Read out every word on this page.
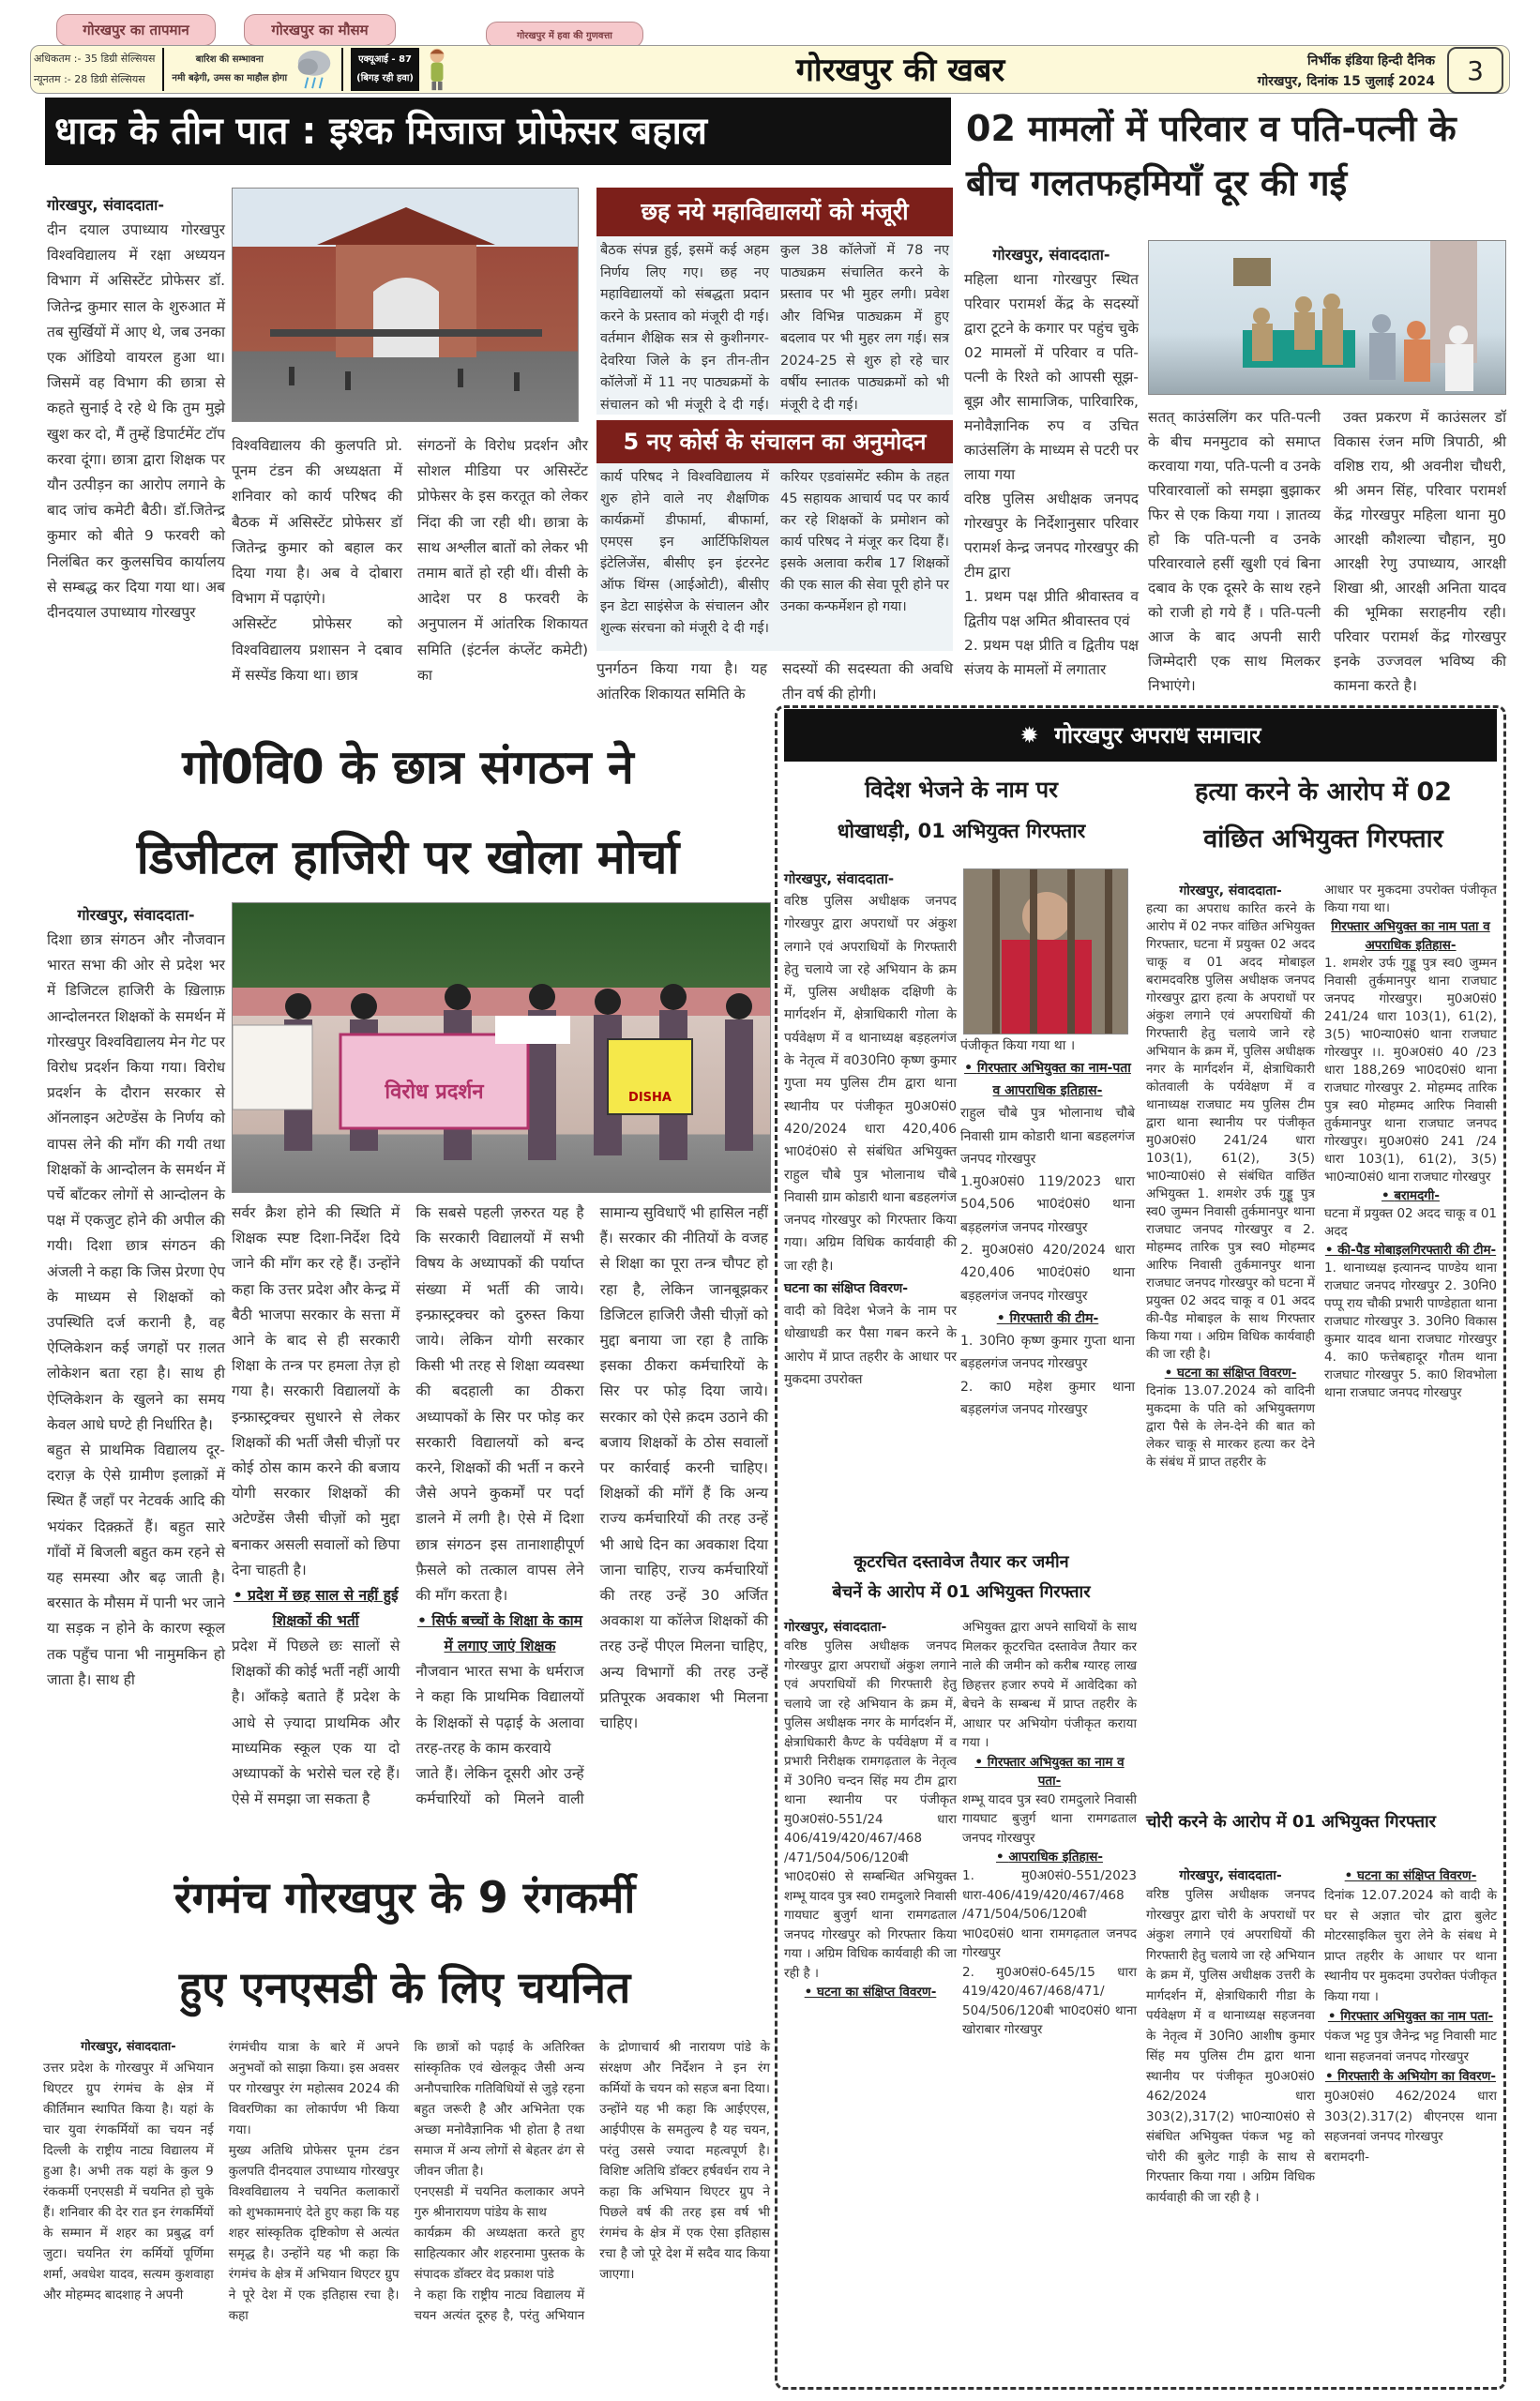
गोरखपुर का तापमान	गोरखपुर का मौसम	गोरखपुर में हवा की गुणवत्ता
अधिकतम :- 35 डिग्री सेल्सियस
न्यूनतम :- 28 डिग्री सेल्सियस
बारिश की सम्भावना
नमी बढ़ेगी, उमस का माहौल होगा
एक्यूआई - 87
(बिगड़ रही हवा)	गोरखपुर की खबर	निर्भीक इंडिया हिन्दी दैनिक
गोरखपुर, दिनांक 15 जुलाई 2024	3
धाक के तीन पात : इश्क मिजाज प्रोफेसर बहाल
गोरखपुर, संवाददाता-

दीन दयाल उपाध्याय गोरखपुर विश्वविद्यालय में रक्षा अध्ययन विभाग में असिस्टेंट प्रोफेसर डॉ. जितेन्द्र कुमार साल के शुरुआत में तब सुर्खियों में आए थे, जब उनका एक ऑडियो वायरल हुआ था। जिसमें वह विभाग की छात्रा से कहते सुनाई दे रहे थे कि तुम मुझे खुश कर दो, मैं तुम्हें डिपार्टमेंट टॉप करवा दूंगा। छात्रा द्वारा शिक्षक पर यौन उत्पीड़न का आरोप लगाने के बाद जांच कमेटी बैठी। डॉ.जितेन्द्र कुमार को बीते 9 फरवरी को निलंबित कर कुलसचिव कार्यालय से सम्बद्ध कर दिया गया था। अब दीनदयाल उपाध्याय गोरखपुर

विश्वविद्यालय की कुलपति प्रो. पूनम टंडन की अध्यक्षता में शनिवार को कार्य परिषद की बैठक में असिस्टेंट प्रोफेसर डॉ जितेन्द्र कुमार को बहाल कर दिया गया है। अब वे दोबारा विभाग में पढ़ाएंगे।

असिस्टेंट प्रोफेसर को विश्वविद्यालय प्रशासन ने दबाव में सस्पेंड किया था। छात्र

संगठनों के विरोध प्रदर्शन और सोशल मीडिया पर असिस्टेंट प्रोफेसर के इस करतूत को लेकर निंदा की जा रही थी। छात्रा के साथ अश्लील बातों को लेकर भी तमाम बातें हो रही थीं। वीसी के आदेश पर 8 फरवरी के अनुपालन में आंतरिक शिकायत समिति (इंटर्नल कंप्लेंट कमेटी) का	पुनर्गठन किया गया है। यह आंतरिक शिकायत समिति के

सदस्यों की सदस्यता की अवधि तीन वर्ष की होगी।

छह नये महाविद्यालयों को मंजूरी

बैठक संपन्न हुई, इसमें कई अहम निर्णय लिए गए। छह नए महाविद्यालयों को संबद्धता प्रदान करने के प्रस्ताव को मंजूरी दी गई। वर्तमान शैक्षिक सत्र से कुशीनगर-देवरिया जिले के इन तीन-तीन कॉलेजों में 11 नए पाठ्यक्रमों के संचालन को भी मंजूरी दे दी गई। कुल 38 कॉलेजों में 78 नए पाठ्यक्रम संचालित करने के प्रस्ताव पर भी मुहर लगी। प्रवेश और विभिन्न पाठ्यक्रम में हुए बदलाव पर भी मुहर लग गई। सत्र 2024-25 से शुरु हो रहे चार वर्षीय स्नातक पाठ्यक्रमों को भी मंजूरी दे दी गई।

5 नए कोर्स के संचालन का अनुमोदन

कार्य परिषद ने विश्वविद्यालय में शुरु होने वाले नए शैक्षणिक कार्यक्रमों डीफार्मा, बीफार्मा, एमएस इन आर्टिफिशियल इंटेलिजेंस, बीसीए इन इंटरनेट ऑफ थिंग्स (आईओटी), बीसीए इन डेटा साइंसेज के संचालन और शुल्क संरचना को मंजूरी दे दी गई। करियर एडवांसमेंट स्कीम के तहत 45 सहायक आचार्य पद पर कार्य कर रहे शिक्षकों के प्रमोशन को कार्य परिषद ने मंजूर कर दिया हैं। इसके अलावा करीब 17 शिक्षकों की एक साल की सेवा पूरी होने पर उनका कन्फर्मेशन हो गया।

02 मामलों में परिवार व पति-पत्नी के बीच गलतफहमियाँ दूर की गई
गोरखपुर, संवाददाता-

महिला थाना गोरखपुर स्थित परिवार परामर्श केंद्र के सदस्यों द्वारा टूटने के कगार पर पहुंच चुके 02 मामलों में परिवार व पति-पत्नी के रिश्ते को आपसी सूझ-बूझ और सामाजिक, पारिवारिक, मनोवैज्ञानिक रुप व उचित काउंसलिंग के माध्यम से पटरी पर लाया गया

वरिष्ठ पुलिस अधीक्षक जनपद गोरखपुर के निर्देशानुसार परिवार परामर्श केन्द्र जनपद गोरखपुर की टीम द्वारा

1. प्रथम पक्ष प्रीति श्रीवास्तव व द्वितीय पक्ष अमित श्रीवास्तव एवं

2. प्रथम पक्ष प्रीति व द्वितीय पक्ष संजय के मामलों में लगातार

सतत् काउंसलिंग कर पति-पत्नी के बीच मनमुटाव को समाप्त करवाया गया, पति-पत्नी व उनके परिवारवालों को समझा बुझाकर फिर से एक किया गया । ज्ञातव्य हो कि पति-पत्नी व उनके परिवारवाले हसीं खुशी एवं बिना दबाव के एक दूसरे के साथ रहने को राजी हो गये हैं । पति-पत्नी आज के बाद अपनी सारी जिम्मेदारी एक साथ मिलकर निभाएंगे।

उक्त प्रकरण में काउंसलर डॉ विकास रंजन मणि त्रिपाठी, श्री वशिष्ठ राय, श्री अवनीश चौधरी, श्री अमन सिंह, परिवार परामर्श केंद्र गोरखपुर महिला थाना मु0 आरक्षी कौशल्या चौहान, मु0 आरक्षी रेणु उपाध्याय, आरक्षी शिखा श्री, आरक्षी अनिता यादव की भूमिका सराहनीय रही। परिवार परामर्श केंद्र गोरखपुर इनके उज्जवल भविष्य की कामना करते है।

गो0वि0 के छात्र संगठन ने
डिजीटल हाजिरी पर खोला मोर्चा
गोरखपुर, संवाददाता-

दिशा छात्र संगठन और नौजवान भारत सभा की ओर से प्रदेश भर में डिजिटल हाजिरी के ख़िलाफ़ आन्दोलनरत शिक्षकों के समर्थन में गोरखपुर विश्वविद्यालय मेन गेट पर विरोध प्रदर्शन किया गया। विरोध प्रदर्शन के दौरान सरकार से ऑनलाइन अटेण्डेंस के निर्णय को वापस लेने की माँग की गयी तथा शिक्षकों के आन्दोलन के समर्थन में पर्चे बाँटकर लोगों से आन्दोलन के पक्ष में एकजुट होने की अपील की गयी। दिशा छात्र संगठन की अंजली ने कहा कि जिस प्रेरणा ऐप के माध्यम से शिक्षकों को उपस्थिति दर्ज करानी है, वह ऐप्लिकेशन कई जगहों पर ग़लत लोकेशन बता रहा है। साथ ही ऐप्लिकेशन के खुलने का समय केवल आधे घण्टे ही निर्धारित है।

बहुत से प्राथमिक विद्यालय दूर-दराज़ के ऐसे ग्रामीण इलाक़ों में स्थित हैं जहाँ पर नेटवर्क आदि की भयंकर दिक़्क़तें हैं। बहुत सारे गाँवों में बिजली बहुत कम रहने से यह समस्या और बढ़ जाती है। बरसात के मौसम में पानी भर जाने या सड़क न होने के कारण स्कूल तक पहुँच पाना भी नामुमकिन हो जाता है। साथ ही

विरोध प्रदर्शन	DISHA

सर्वर क्रैश होने की स्थिति में शिक्षक स्पष्ट दिशा-निर्देश दिये जाने की माँग कर रहे हैं। उन्होंने कहा कि उत्तर प्रदेश और केन्द्र में बैठी भाजपा सरकार के सत्ता में आने के बाद से ही सरकारी शिक्षा के तन्त्र पर हमला तेज़ हो गया है। सरकारी विद्यालयों के इन्फ्रास्ट्रक्चर सुधारने से लेकर शिक्षकों की भर्ती जैसी चीज़ों पर कोई ठोस काम करने की बजाय योगी सरकार शिक्षकों की अटेण्डेंस जैसी चीज़ों को मुद्दा बनाकर असली सवालों को छिपा देना चाहती है।

• प्रदेश में छह साल से नहीं हुई शिक्षकों की भर्ती

प्रदेश में पिछले छः सालों से शिक्षकों की कोई भर्ती नहीं आयी है। आँकड़े बताते हैं प्रदेश के आधे से ज़्यादा प्राथमिक और माध्यमिक स्कूल एक या दो अध्यापकों के भरोसे चल रहे हैं। ऐसे में समझा जा सकता है

कि सबसे पहली ज़रुरत यह है कि सरकारी विद्यालयों में सभी विषय के अध्यापकों की पर्याप्त संख्या में भर्ती की जाये। इन्फ्रास्ट्रक्चर को दुरुस्त किया जाये। लेकिन योगी सरकार किसी भी तरह से शिक्षा व्यवस्था की बदहाली का ठीकरा अध्यापकों के सिर पर फोड़ कर सरकारी विद्यालयों को बन्द करने, शिक्षकों की भर्ती न करने जैसे अपने कुकर्मों पर पर्दा डालने में लगी है। ऐसे में दिशा छात्र संगठन इस तानाशाहीपूर्ण फ़ैसले को तत्काल वापस लेने की माँग करता है।

• सिर्फ बच्चों के शिक्षा के काम में लगाए जाएं शिक्षक

नौजवान भारत सभा के धर्मराज ने कहा कि प्राथमिक विद्यालयों के शिक्षकों से पढ़ाई के अलावा तरह-तरह के काम करवाये

जाते हैं। लेकिन दूसरी ओर उन्हें कर्मचारियों को मिलने वाली सामान्य सुविधाएँ भी हासिल नहीं हैं। सरकार की नीतियों के वजह से शिक्षा का पूरा तन्त्र चौपट हो रहा है, लेकिन जानबूझकर डिजिटल हाजिरी जैसी चीज़ों को मुद्दा बनाया जा रहा है ताकि इसका ठीकरा कर्मचारियों के सिर पर फोड़ दिया जाये। सरकार को ऐसे क़दम उठाने की बजाय शिक्षकों के ठोस सवालों पर कार्रवाई करनी चाहिए। शिक्षकों की माँगें हैं कि अन्य राज्य कर्मचारियों की तरह उन्हें भी आधे दिन का अवकाश दिया जाना चाहिए, राज्य कर्मचारियों की तरह उन्हें 30 अर्जित अवकाश या कॉलेज शिक्षकों की तरह उन्हें पीएल मिलना चाहिए, अन्य विभागों की तरह उन्हें प्रतिपूरक अवकाश भी मिलना चाहिए।

रंगमंच गोरखपुर के 9 रंगकर्मी
हुए एनएसडी के लिए चयनित
गोरखपुर, संवाददाता-

उत्तर प्रदेश के गोरखपुर में अभियान थिएटर ग्रुप रंगमंच के क्षेत्र में कीर्तिमान स्थापित किया है। यहां के चार युवा रंगकर्मियों का चयन नई दिल्ली के राष्ट्रीय नाट्य विद्यालय में हुआ है। अभी तक यहां के कुल 9 रंककर्मी एनएसडी में चयनित हो चुके हैं। शनिवार की देर रात इन रंगकर्मियों के सम्मान में शहर का प्रबुद्ध वर्ग जुटा। चयनित रंग कर्मियों पूर्णिमा शर्मा, अवधेश यादव, सत्यम कुशवाहा और मोहम्मद बादशाह ने अपनी

रंगमंचीय यात्रा के बारे में अपने अनुभवों को साझा किया। इस अवसर पर गोरखपुर रंग महोत्सव 2024 की विवरणिका का लोकार्पण भी किया गया।

मुख्य अतिथि प्रोफेसर पूनम टंडन कुलपति दीनदयाल उपाध्याय गोरखपुर विश्वविद्यालय ने चयनित कलाकारों को शुभकामनाएं देते हुए कहा कि यह शहर सांस्कृतिक दृष्टिकोण से अत्यंत समृद्ध है। उन्होंने यह भी कहा कि रंगमंच के क्षेत्र में अभियान थिएटर ग्रुप ने पूरे देश में एक इतिहास रचा है। कहा

कि छात्रों को पढ़ाई के अतिरिक्त सांस्कृतिक एवं खेलकूद जैसी अन्य अनौपचारिक गतिविधियों से जुड़े रहना बहुत जरूरी है और अभिनेता एक अच्छा मनोवैज्ञानिक भी होता है तथा समाज में अन्य लोगों से बेहतर ढंग से जीवन जीता है।

एनएसडी में चयनित कलाकार अपने गुरु श्रीनारायण पांडेय के साथ

कार्यक्रम की अध्यक्षता करते हुए साहित्यकार और शहरनामा पुस्तक के संपादक डॉक्टर वेद प्रकाश पांडे

ने कहा कि राष्ट्रीय नाट्य विद्यालय में चयन अत्यंत दूरुह है, परंतु अभियान के द्रोणाचार्य श्री नारायण पांडे के संरक्षण और निर्देशन ने इन रंग कर्मियों के चयन को सहज बना दिया। उन्होंने यह भी कहा कि आईएएस, आईपीएस के समतुल्य है यह चयन, परंतु उससे ज्यादा महत्वपूर्ण है। विशिष्ट अतिथि डॉक्टर हर्षवर्धन राय ने कहा कि अभियान थिएटर ग्रुप ने पिछले वर्ष की तरह इस वर्ष भी रंगमंच के क्षेत्र में एक ऐसा इतिहास रचा है जो पूरे देश में सदैव याद किया जाएगा।

✹  गोरखपुर अपराध समाचार
विदेश भेजने के नाम पर
धोखाधड़ी, 01 अभियुक्त गिरफ्तार
गोरखपुर, संवाददाता-

वरिष्ठ पुलिस अधीक्षक जनपद गोरखपुर द्वारा अपराधों पर अंकुश लगाने एवं अपराधियों के गिरफ्तारी हेतु चलाये जा रहे अभियान के क्रम में, पुलिस अधीक्षक दक्षिणी के मार्गदर्शन में, क्षेत्राधिकारी गोला के पर्यवेक्षण में व थानाध्यक्ष बड़हलगंज के नेतृत्व में व030नि0 कृष्ण कुमार गुप्ता मय पुलिस टीम द्वारा थाना स्थानीय पर पंजीकृत मु0अ0सं0 420/2024 धारा 420,406 भा0दं0सं0 से संबंधित अभियुक्त राहुल चौबे पुत्र भोलानाथ चौबे निवासी ग्राम कोडारी थाना बडहलगंज जनपद गोरखपुर को गिरफ्तार किया गया। अग्रिम विधिक कार्यवाही की जा रही है।

घटना का संक्षिप्त विवरण-

वादी को विदेश भेजने के नाम पर धोखाधडी कर पैसा गबन करने के आरोप में प्राप्त तहरीर के आधार पर मुकदमा उपरोक्त

पंजीकृत किया गया था ।

• गिरफ्तार अभियुक्त का नाम-पता व आपराधिक इतिहास-

राहुल चौबे पुत्र भोलानाथ चौबे निवासी ग्राम कोडारी थाना बडहलगंज जनपद गोरखपुर

1.मु0अ0सं0 119/2023 धारा 504,506 भा0दं0सं0 थाना बड़हलगंज जनपद गोरखपुर

2. मु0अ0सं0 420/2024 धारा 420,406 भा0दं0सं0 थाना बड़हलगंज जनपद गोरखपुर

• गिरफ्तारी की टीम-

1. 30नि0 कृष्ण कुमार गुप्ता थाना बड़हलगंज जनपद गोरखपुर

2. का0 महेश कुमार थाना बड़हलगंज जनपद गोरखपुर

हत्या करने के आरोप में 02
वांछित अभियुक्त गिरफ्तार
गोरखपुर, संवाददाता-

हत्या का अपराध कारित करने के आरोप में 02 नफर वांछित अभियुक्त गिरफ्तार, घटना में प्रयुक्त 02 अदद चाकू व 01 अदद मोबाइल बरामदवरिष्ठ पुलिस अधीक्षक जनपद गोरखपुर द्वारा हत्या के अपराधों पर अंकुश लगाने एवं अपराधियों की गिरफ्तारी हेतु चलाये जाने रहे अभियान के क्रम में, पुलिस अधीक्षक नगर के मार्गदर्शन में, क्षेत्राधिकारी कोतवाली के पर्यवेक्षण में व थानाध्यक्ष राजघाट मय पुलिस टीम द्वारा थाना स्थानीय पर पंजीकृत मु0अ0सं0 241/24 धारा 103(1), 61(2), 3(5) भा0न्या0सं0 से संबंधित वाछिंत अभियुक्त 1. शमशेर उर्फ गुड्डू पुत्र स्व0 जुम्मन निवासी तुर्कमानपुर थाना राजघाट जनपद गोरखपुर व 2. मोहम्मद तारिक पुत्र स्व0 मोहम्मद आरिफ निवासी तुर्कमानपुर थाना राजघाट जनपद गोरखपुर को घटना में प्रयुक्त 02 अदद चाकू व 01 अदद की-पैड मोबाइल के साथ गिरफ्तार किया गया । अग्रिम विधिक कार्यवाही की जा रही है।

• घटना का संक्षिप्त विवरण-

दिनांक 13.07.2024 को वादिनी मुकदमा के पति को अभियुक्तगण द्वारा पैसे के लेन-देने की बात को लेकर चाकू से मारकर हत्या कर देने के संबंध में प्राप्त तहरीर के

आधार पर मुकदमा उपरोक्त पंजीकृत किया गया था।

गिरफ्तार अभियुक्त का नाम पता व अपराधिक इतिहास-

1. शमशेर उर्फ गुड्डू पुत्र स्व0 जुम्मन निवासी तुर्कमानपुर थाना राजघाट जनपद गोरखपुर। मु0अ0सं0 241/24 धारा 103(1), 61(2), 3(5) भा0न्या0सं0 थाना राजघाट गोरखपुर ।।. मु0अ0सं0 40 /23 धारा 188,269 भा0द0सं0 थाना राजघाट गोरखपुर 2. मोहम्मद तारिक पुत्र स्व0 मोहम्मद आरिफ निवासी तुर्कमानपुर थाना राजघाट जनपद गोरखपुर। मु0अ0सं0 241 /24 धारा 103(1), 61(2), 3(5) भा0न्या0सं0 थाना राजघाट गोरखपुर

• बरामदगी-

घटना में प्रयुक्त 02 अदद चाकू व 01 अदद

• की-पैड मोबाइलगिरफ्तारी की टीम-

1. थानाध्यक्ष इत्यानन्द पाण्डेय थाना राजघाट जनपद गोरखपुर 2. 30नि0 पप्पू राय चौकी प्रभारी पाण्डेहाता थाना राजघाट गोरखपुर 3. 30नि0 विकास कुमार यादव थाना राजघाट गोरखपुर 4. का0 फत्तेबहादूर गौतम थाना राजघाट गोरखपुर 5. का0 शिवभोला थाना राजघाट जनपद गोरखपुर

कूटरचित दस्तावेज तैयार कर जमीन
बेचनें के आरोप में 01 अभियुक्त गिरफ्तार
गोरखपुर, संवाददाता-

वरिष्ठ पुलिस अधीक्षक जनपद गोरखपुर द्वारा अपराधों अंकुश लगाने एवं अपराधियों की गिरफ्तारी हेतु चलाये जा रहे अभियान के क्रम में, पुलिस अधीक्षक नगर के मार्गदर्शन में, क्षेत्राधिकारी कैण्ट के पर्यवेक्षण में व प्रभारी निरीक्षक रामगढ़ताल के नेतृत्व में 30नि0 चन्दन सिंह मय टीम द्वारा थाना स्थानीय पर पंजीकृत मु0अ0सं0-551/24 धारा 406/419/420/467/468 /471/504/506/120बी भा0द0सं0 से सम्बन्धित अभियुक्त शम्भू यादव पुत्र स्व0 रामदुलारे निवासी गायघाट बुजुर्ग थाना रामगढताल जनपद गोरखपुर को गिरफ्तार किया गया । अग्रिम विधिक कार्यवाही की जा रही है ।

• घटना का संक्षिप्त विवरण-

अभियुक्त द्वारा अपने साथियों के साथ मिलकर कूटरचित दस्तावेज तैयार कर नाले की जमीन को करीब ग्यारह लाख छिहत्तर हजार रुपये में आवेदिका को बेचने के सम्बन्ध में प्राप्त तहरीर के आधार पर अभियोग पंजीकृत कराया गया ।

• गिरफ्तार अभियुक्त का नाम व पता-

शम्भू यादव पुत्र स्व0 रामदुलारे निवासी गायघाट बुजुर्ग थाना रामगढताल जनपद गोरखपुर

• आपराधिक इतिहास-

1. मु0अ0सं0-551/2023 धारा-406/419/420/467/468 /471/504/506/120बी भा0द0सं0 थाना रामगढ़ताल जनपद गोरखपुर

2. मु0अ0सं0-645/15 धारा 419/420/467/468/471/ 504/506/120बी भा0द0सं0 थाना खोराबार गोरखपुर

चोरी करने के आरोप में 01 अभियुक्त गिरफ्तार
गोरखपुर, संवाददाता-

वरिष्ठ पुलिस अधीक्षक जनपद गोरखपुर द्वारा चोरी के अपराधों पर अंकुश लगाने एवं अपराधियों की गिरफ्तारी हेतु चलाये जा रहे अभियान के क्रम में, पुलिस अधीक्षक उत्तरी के मार्गदर्शन में, क्षेत्राधिकारी गीडा के पर्यवेक्षण में व थानाध्यक्ष सहजनवा के नेतृत्व में 30नि0 आशीष कुमार सिंह मय पुलिस टीम द्वारा थाना स्थानीय पर पंजीकृत मु0अ0सं0 462/2024 धारा 303(2),317(2) भा0न्या0सं0 से संबंधित अभियुक्त पंकज भट्ट को चोरी की बुलेट गाड़ी के साथ से गिरफ्तार किया गया । अग्रिम विधिक कार्यवाही की जा रही है ।

• घटना का संक्षिप्त विवरण-

दिनांक 12.07.2024 को वादी के घर से अज्ञात चोर द्वारा बुलेट मोटरसाइकिल चुरा लेने के संबध मे प्राप्त तहरीर के आधार पर थाना स्थानीय पर मुकदमा उपरोक्त पंजीकृत किया गया ।

• गिरफ्तार अभियुक्त का नाम पता-

पंकज भट्ट पुत्र जैनेन्द्र भट्ट निवासी माट थाना सहजनवां जनपद गोरखपुर

• गिरफ्तारी के अभियोग का विवरण-

मु0अ0सं0 462/2024 धारा 303(2).317(2) बीएनएस थाना सहजनवां जनपद गोरखपुर

बरामदगी-
